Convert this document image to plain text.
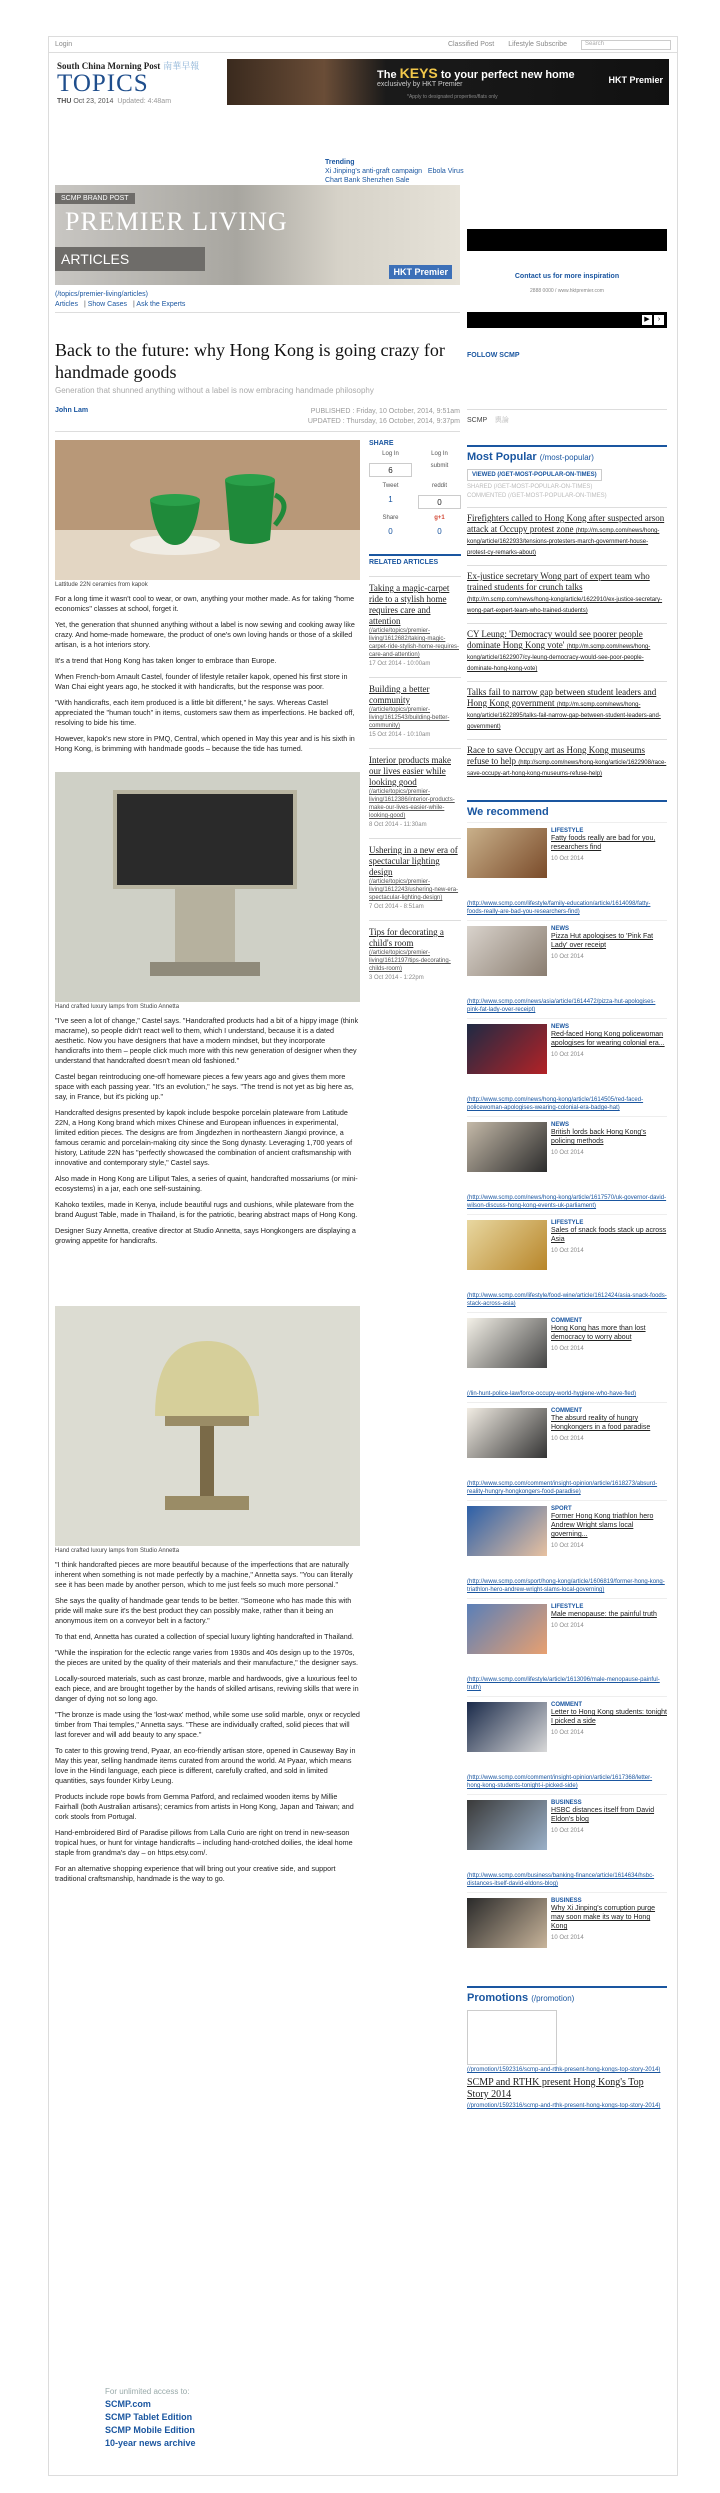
Login	Classified Post Lifestyle Subscribe	Search
South China Morning Post 南華早報
TOPICS
THU Oct 23, 2014 Updated: 4:48am
The KEYS to your perfect new home
exclusively by HKT Premier
*Apply to designated properties/flats only
HKT Premier
Trending
Xi Jinping's anti-graft campaign Ebola Virus
Chart Bank Shenzhen Sale
SCMP BRAND POST
PREMIER LIVING
ARTICLES
HKT Premier
(/topics/premier-living/articles)
Articles | Show Cases | Ask the Experts
Back to the future: why Hong Kong is going crazy for handmade goods
Generation that shunned anything without a label is now embracing handmade philosophy
John Lam	PUBLISHED : Friday, 10 October, 2014, 9:51am
UPDATED : Thursday, 16 October, 2014, 9:37pm
Lattitude 22N ceramics from kapok

For a long time it wasn't cool to wear, or own, anything your mother made. As for taking "home economics" classes at school, forget it.

Yet, the generation that shunned anything without a label is now sewing and cooking away like crazy. And home-made homeware, the product of one's own loving hands or those of a skilled artisan, is a hot interiors story.

It's a trend that Hong Kong has taken longer to embrace than Europe.

When French-born Arnault Castel, founder of lifestyle retailer kapok, opened his first store in Wan Chai eight years ago, he stocked it with handicrafts, but the response was poor.

"With handicrafts, each item produced is a little bit different," he says. Whereas Castel appreciated the "human touch" in items, customers saw them as imperfections. He backed off, resolving to bide his time.

However, kapok's new store in PMQ, Central, which opened in May this year and is his sixth in Hong Kong, is brimming with handmade goods – because the tide has turned.

Hand crafted luxury lamps from Studio Annetta

"I've seen a lot of change," Castel says. "Handcrafted products had a bit of a hippy image (think macrame), so people didn't react well to them, which I understand, because it is a dated aesthetic. Now you have designers that have a modern mindset, but they incorporate handicrafts into them – people click much more with this new generation of designer when they understand that handcrafted doesn't mean old fashioned."

Castel began reintroducing one-off homeware pieces a few years ago and gives them more space with each passing year. "It's an evolution," he says. "The trend is not yet as big here as, say, in France, but it's picking up."

Handcrafted designs presented by kapok include bespoke porcelain plateware from Latitude 22N, a Hong Kong brand which mixes Chinese and European influences in experimental, limited edition pieces. The designs are from Jingdezhen in northeastern Jiangxi province, a famous ceramic and porcelain-making city since the Song dynasty. Leveraging 1,700 years of history, Latitude 22N has "perfectly showcased the combination of ancient craftsmanship with innovative and contemporary style," Castel says.

Also made in Hong Kong are Lilliput Tales, a series of quaint, handcrafted mossariums (or mini-ecosystems) in a jar, each one self-sustaining.

Kahoko textiles, made in Kenya, include beautiful rugs and cushions, while plateware from the brand August Table, made in Thailand, is for the patriotic, bearing abstract maps of Hong Kong.

Designer Suzy Annetta, creative director at Studio Annetta, says Hongkongers are displaying a growing appetite for handicrafts.

Hand crafted luxury lamps from Studio Annetta

"I think handcrafted pieces are more beautiful because of the imperfections that are naturally inherent when something is not made perfectly by a machine," Annetta says. "You can literally see it has been made by another person, which to me just feels so much more personal."

She says the quality of handmade gear tends to be better. "Someone who has made this with pride will make sure it's the best product they can possibly make, rather than it being an anonymous item on a conveyor belt in a factory."

To that end, Annetta has curated a collection of special luxury lighting handcrafted in Thailand.

"While the inspiration for the eclectic range varies from 1930s and 40s design up to the 1970s, the pieces are united by the quality of their materials and their manufacture," the designer says.

Locally-sourced materials, such as cast bronze, marble and hardwoods, give a luxurious feel to each piece, and are brought together by the hands of skilled artisans, reviving skills that were in danger of dying not so long ago.

"The bronze is made using the 'lost-wax' method, while some use solid marble, onyx or recycled timber from Thai temples," Annetta says. "These are individually crafted, solid pieces that will last forever and will add beauty to any space."

To cater to this growing trend, Pyaar, an eco-friendly artisan store, opened in Causeway Bay in May this year, selling handmade items curated from around the world. At Pyaar, which means love in the Hindi language, each piece is different, carefully crafted, and sold in limited quantities, says founder Kirby Leung.

Products include rope bowls from Gemma Patford, and reclaimed wooden items by Millie Fairhall (both Australian artisans); ceramics from artists in Hong Kong, Japan and Taiwan; and cork stools from Portugal.

Hand-embroidered Bird of Paradise pillows from Lalla Curio are right on trend in new-season tropical hues, or hunt for vintage handicrafts – including hand-crotched doilies, the ideal home staple from grandma's day – on https.etsy.com/.

For an alternative shopping experience that will bring out your creative side, and support traditional craftsmanship, handmade is the way to go.

SHARE
Log In	Log In
6	submit
Tweet	reddit
1	0
Share	g+1
0	0
RELATED ARTICLES
Taking a magic-carpet ride to a stylish home requires care and attention
(/article/topics/premier-living/1612682/taking-magic-carpet-ride-stylish-home-requires-care-and-attention)
17 Oct 2014 - 10:00am
Building a better community
(/article/topics/premier-living/1612543/building-better-community)
15 Oct 2014 - 10:10am
Interior products make our lives easier while looking good
(/article/topics/premier-living/1612386/interior-products-make-our-lives-easier-while-looking-good)
8 Oct 2014 - 11:30am
Ushering in a new era of spectacular lighting design
(/article/topics/premier-living/1612243/ushering-new-era-spectacular-lighting-design)
7 Oct 2014 - 8:51am
Tips for decorating a child's room
(/article/topics/premier-living/1612197/tips-decorating-childs-room)
3 Oct 2014 - 1:22pm
For unlimited access to:
SCMP.com
SCMP Tablet Edition
SCMP Mobile Edition
10-year news archive
Contact us for more inspiration
2888 0000 / www.hktpremier.com
▶	›
FOLLOW SCMP
SCMP 輿論
Most Popular (/most-popular)
VIEWED (/GET-MOST-POPULAR-ON-TIMES)
SHARED (/GET-MOST-POPULAR-ON-TIMES)
COMMENTED (/GET-MOST-POPULAR-ON-TIMES)
Firefighters called to Hong Kong after suspected arson attack at Occupy protest zone (http://m.scmp.com/news/hong-kong/article/1622933/tensions-protesters-march-government-house-protest-cy-remarks-about)
Ex-justice secretary Wong part of expert team who trained students for crunch talks (http://m.scmp.com/news/hong-kong/article/1622910/ex-justice-secretary-wong-part-expert-team-who-trained-students)
CY Leung: 'Democracy would see poorer people dominate Hong Kong vote' (http://m.scmp.com/news/hong-kong/article/1622907/cy-leung-democracy-would-see-poor-people-dominate-hong-kong-vote)
Talks fail to narrow gap between student leaders and Hong Kong government (http://m.scmp.com/news/hong-kong/article/1622895/talks-fail-narrow-gap-between-student-leaders-and-government)
Race to save Occupy art as Hong Kong museums refuse to help (http://scmp.com/news/hong-kong/article/1622908/race-save-occupy-art-hong-kong-museums-refuse-help)
We recommend
LIFESTYLE
Fatty foods really are bad for you, researchers find
10 Oct 2014
(http://www.scmp.com/lifestyle/family-education/article/1614098/fatty-foods-really-are-bad-you-researchers-find)
NEWS
Pizza Hut apologises to 'Pink Fat Lady' over receipt
10 Oct 2014
(http://www.scmp.com/news/asia/article/1614472/pizza-hut-apologises-pink-fat-lady-over-receipt)
NEWS
Red-faced Hong Kong policewoman apologises for wearing colonial era...
10 Oct 2014
(http://www.scmp.com/news/hong-kong/article/1614505/red-faced-policewoman-apologises-wearing-colonial-era-badge-hat)
NEWS
British lords back Hong Kong's policing methods
10 Oct 2014
(http://www.scmp.com/news/hong-kong/article/1617570/uk-governor-david-wilson-discuss-hong-kong-events-uk-parliament)
LIFESTYLE
Sales of snack foods stack up across Asia
10 Oct 2014
(http://www.scmp.com/lifestyle/food-wine/article/1612424/asia-snack-foods-stack-across-asia)
COMMENT
Hong Kong has more than lost democracy to worry about
10 Oct 2014
(/lin-hunt-police-law/force-occupy-world-hygiene-who-have-fled)
COMMENT
The absurd reality of hungry Hongkongers in a food paradise
10 Oct 2014
(http://www.scmp.com/comment/insight-opinion/article/1618273/absurd-reality-hungry-hongkongers-food-paradise)
SPORT
Former Hong Kong triathlon hero Andrew Wright slams local governing...
10 Oct 2014
(http://www.scmp.com/sport/hong-kong/article/1606819/former-hong-kong-triathlon-hero-andrew-wright-slams-local-governing)
LIFESTYLE
Male menopause: the painful truth
10 Oct 2014
(http://www.scmp.com/lifestyle/article/1613096/male-menopause-painful-truth)
COMMENT
Letter to Hong Kong students: tonight I picked a side
10 Oct 2014
(http://www.scmp.com/comment/insight-opinion/article/1617368/letter-hong-kong-students-tonight-i-picked-side)
BUSINESS
HSBC distances itself from David Eldon's blog
10 Oct 2014
(http://www.scmp.com/business/banking-finance/article/1614634/hsbc-distances-itself-david-eldons-blog)
BUSINESS
Why Xi Jinping's corruption purge may soon make its way to Hong Kong
10 Oct 2014
Promotions (/promotion)
(/promotion/1592316/scmp-and-rthk-present-hong-kongs-top-story-2014)
SCMP and RTHK present Hong Kong's Top Story 2014
(/promotion/1592316/scmp-and-rthk-present-hong-kongs-top-story-2014)
